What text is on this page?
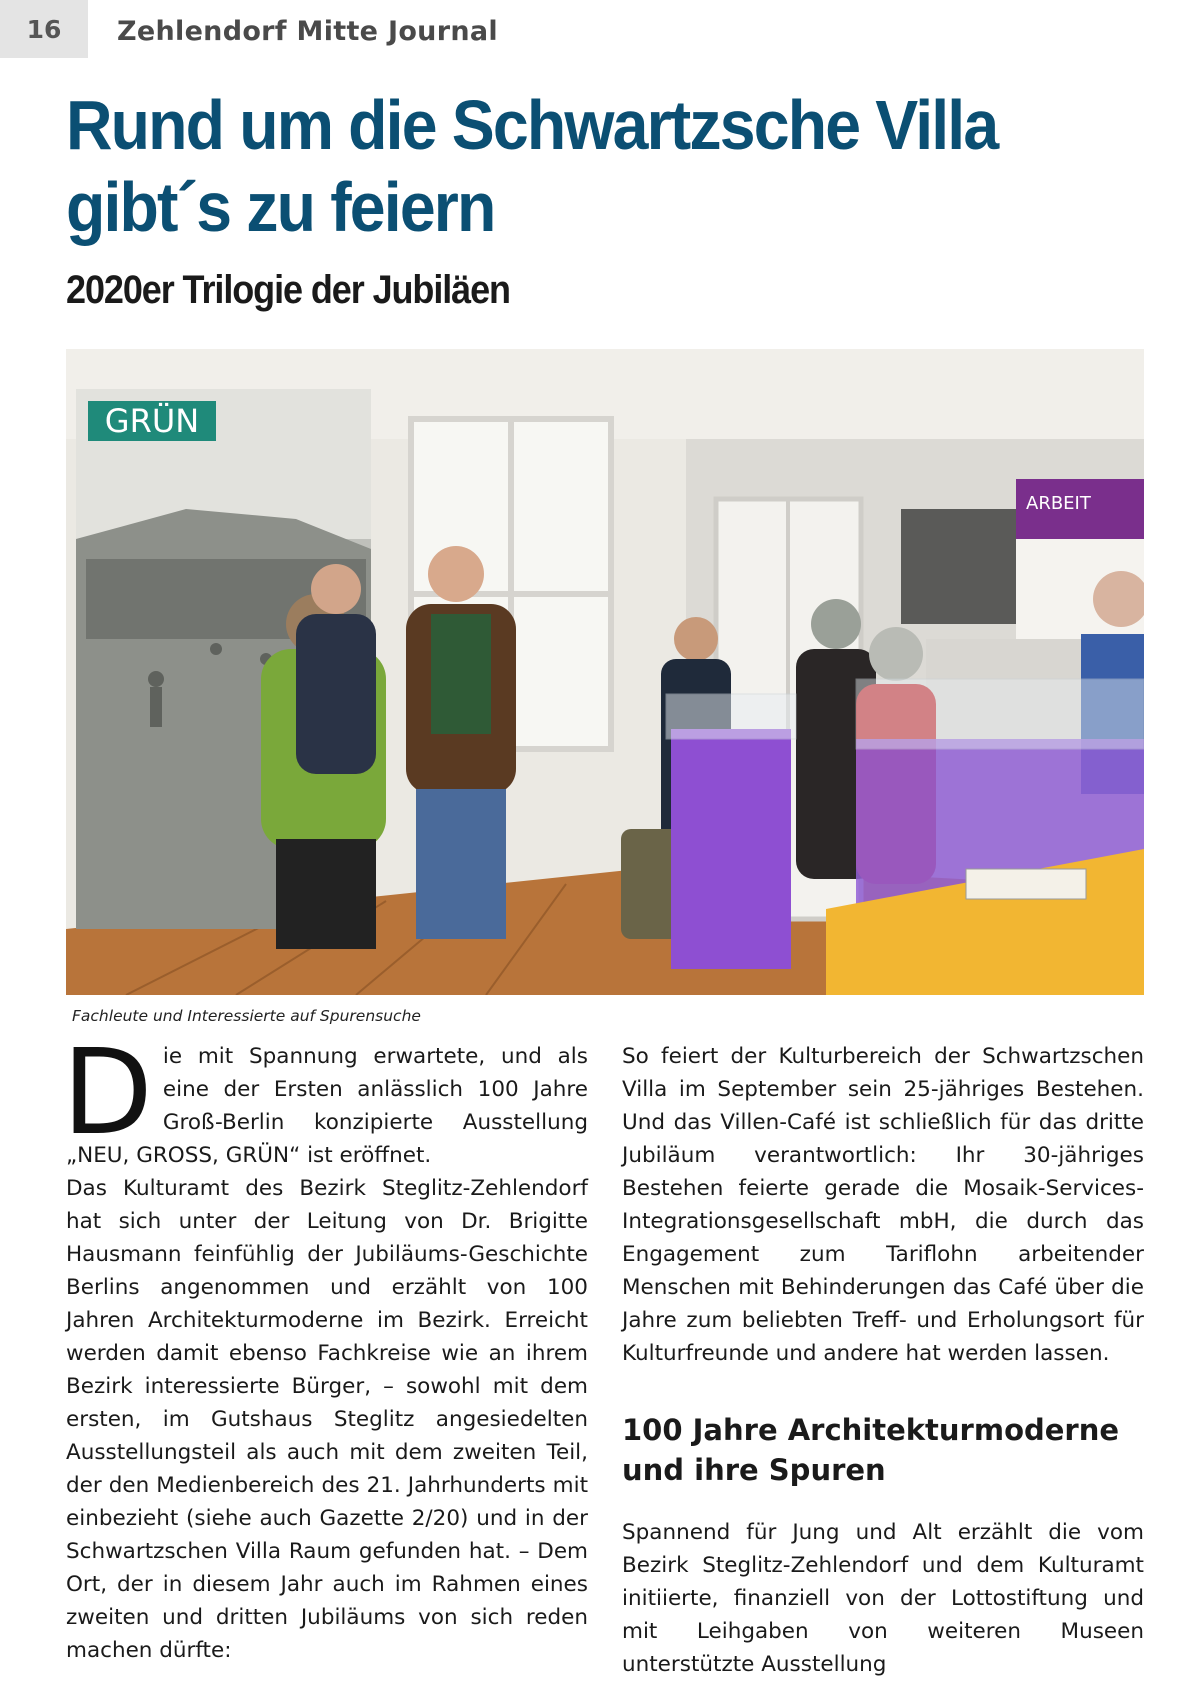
16	Zehlendorf Mitte Journal
Rund um die Schwartzsche Villa
gibt´s zu feiern
2020er Trilogie der Jubiläen
GRÜN
ARBEIT
Fachleute und Interessierte auf Spurensuche

Die mit Spannung erwartete, und als eine der Ersten anlässlich 100 Jahre Groß-Berlin konzipierte Ausstellung „NEU, GROSS, GRÜN“ ist eröffnet.

Das Kulturamt des Bezirk Steglitz-Zehlendorf hat sich unter der Leitung von Dr. Brigitte Hausmann feinfühlig der Jubiläums-Geschichte Berlins angenommen und erzählt von 100 Jahren Architekturmoderne im Bezirk. Erreicht werden damit ebenso Fachkreise wie an ihrem Bezirk interessierte Bürger, – sowohl mit dem ersten, im Gutshaus Steglitz angesiedelten Ausstellungsteil als auch mit dem zweiten Teil, der den Medienbereich des 21. Jahrhunderts mit einbezieht (siehe auch Gazette 2/20) und in der Schwartzschen Villa Raum gefunden hat. – Dem Ort, der in diesem Jahr auch im Rahmen eines zweiten und dritten Jubiläums von sich reden machen dürfte:

So feiert der Kulturbereich der Schwartzschen Villa im September sein 25-jähriges Bestehen. Und das Villen-Café ist schließlich für das dritte Jubiläum verantwortlich: Ihr 30-jähriges Bestehen feierte gerade die Mosaik-Services-Integrationsgesellschaft mbH, die durch das Engagement zum Tariflohn arbeitender Menschen mit Behinderungen das Café über die Jahre zum beliebten Treff- und Erholungsort für Kulturfreunde und andere hat werden lassen.

100 Jahre Architekturmoderne und ihre Spuren

Spannend für Jung und Alt erzählt die vom Bezirk Steglitz-Zehlendorf und dem Kulturamt initiierte, finanziell von der Lottostiftung und mit Leihgaben von weiteren Museen unterstützte Ausstellung
